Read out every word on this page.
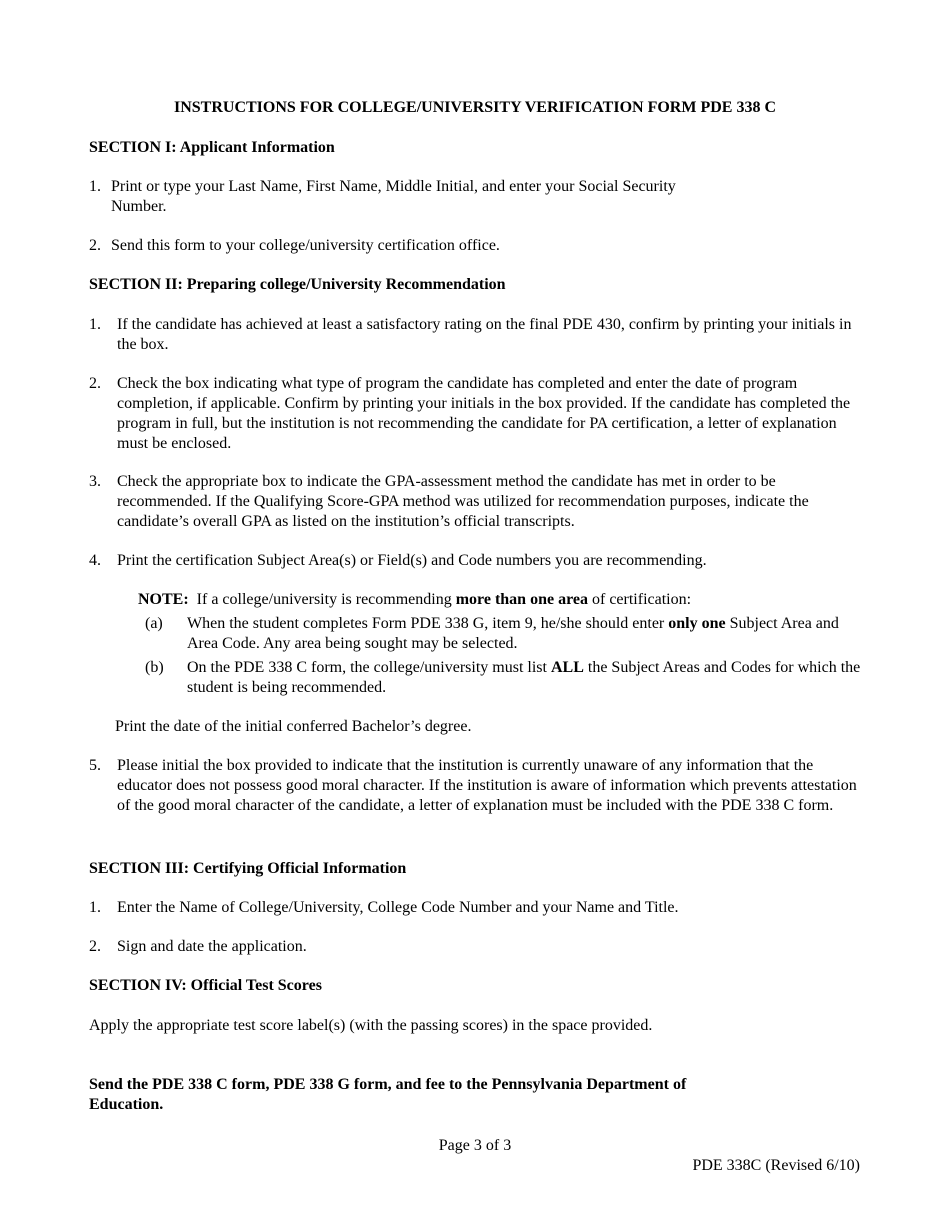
INSTRUCTIONS FOR COLLEGE/UNIVERSITY VERIFICATION FORM PDE 338 C
SECTION I: Applicant Information
1. Print or type your Last Name, First Name, Middle Initial, and enter your Social Security Number.
2. Send this form to your college/university certification office.
SECTION II: Preparing college/University Recommendation
1. If the candidate has achieved at least a satisfactory rating on the final PDE 430, confirm by printing your initials in the box.
2. Check the box indicating what type of program the candidate has completed and enter the date of program completion, if applicable. Confirm by printing your initials in the box provided. If the candidate has completed the program in full, but the institution is not recommending the candidate for PA certification, a letter of explanation must be enclosed.
3. Check the appropriate box to indicate the GPA-assessment method the candidate has met in order to be recommended. If the Qualifying Score-GPA method was utilized for recommendation purposes, indicate the candidate’s overall GPA as listed on the institution’s official transcripts.
4. Print the certification Subject Area(s) or Field(s) and Code numbers you are recommending.
NOTE:  If a college/university is recommending more than one area of certification:
(a) When the student completes Form PDE 338 G, item 9, he/she should enter only one Subject Area and Area Code. Any area being sought may be selected.
(b) On the PDE 338 C form, the college/university must list ALL the Subject Areas and Codes for which the student is being recommended.
Print the date of the initial conferred Bachelor’s degree.
5. Please initial the box provided to indicate that the institution is currently unaware of any information that the educator does not possess good moral character. If the institution is aware of information which prevents attestation of the good moral character of the candidate, a letter of explanation must be included with the PDE 338 C form.
SECTION III: Certifying Official Information
1. Enter the Name of College/University, College Code Number and your Name and Title.
2. Sign and date the application.
SECTION IV: Official Test Scores
Apply the appropriate test score label(s) (with the passing scores) in the space provided.
Send the PDE 338 C form, PDE 338 G form, and fee to the Pennsylvania Department of Education.
Page 3 of 3
PDE 338C (Revised 6/10)
